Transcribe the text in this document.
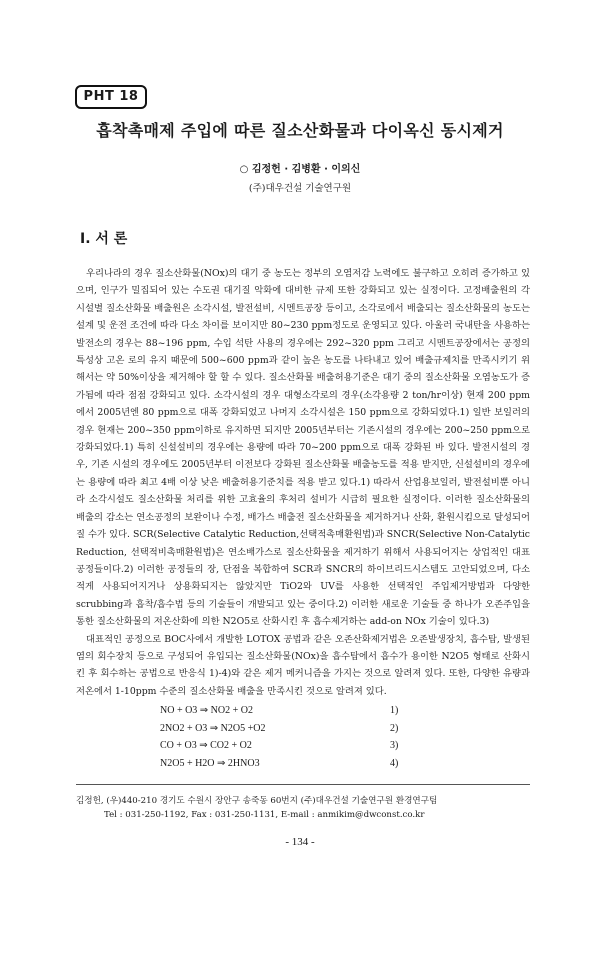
PHT 18
흡착촉매제 주입에 따른 질소산화물과 다이옥신 동시제거
○ 김정헌 · 김병환 · 이의신
(주)대우건설 기술연구원
I. 서 론

우리나라의 경우 질소산화물(NOx)의 대기 중 농도는 정부의 오염저감 노력에도 불구하고 오히려 증가하고 있으며, 인구가 밀집되어 있는 수도권 대기질 악화에 대비한 규제 또한 강화되고 있는 실정이다. 고정배출원의 각 시설별 질소산화물 배출원은 소각시설, 발전설비, 시멘트공장 등이고, 소각로에서 배출되는 질소산화물의 농도는 설계 및 운전 조건에 따라 다소 차이를 보이지만 80~230 ppm정도로 운영되고 있다. 아울러 국내탄을 사용하는 발전소의 경우는 88~196 ppm, 수입 석탄 사용의 경우에는 292~320 ppm 그리고 시멘트공장에서는 공정의 특성상 고온 로의 유지 때문에 500~600 ppm과 같이 높은 농도를 나타내고 있어 배출규제치를 만족시키기 위해서는 약 50%이상을 제거해야 할 할 수 있다. 질소산화물 배출허용기준은 대기 중의 질소산화물 오염농도가 증가됨에 따라 점점 강화되고 있다. 소각시설의 경우 대형소각로의 경우(소각용량 2 ton/hr이상) 현재 200 ppm에서 2005년엔 80 ppm으로 대폭 강화되었고 나머지 소각시설은 150 ppm으로 강화되었다.1) 일반 보일러의 경우 현재는 200~350 ppm이하로 유지하면 되지만 2005년부터는 기존시설의 경우에는 200~250 ppm으로 강화되었다.1) 특히 신설설비의 경우에는 용량에 따라 70~200 ppm으로 대폭 강화된 바 있다. 발전시설의 경우, 기존 시설의 경우에도 2005년부터 이전보다 강화된 질소산화물 배출농도를 적용 받지만, 신설설비의 경우에는 용량에 따라 최고 4배 이상 낮은 배출허용기준치를 적용 받고 있다.1) 따라서 산업용보일러, 발전설비뿐 아니라 소각시설도 질소산화물 처리를 위한 고효율의 후처리 설비가 시급히 필요한 실정이다. 이러한 질소산화물의 배출의 감소는 연소공정의 보완이나 수정, 배가스 배출전 질소산화물을 제거하거나 산화, 환원시킴으로 달성되어 질 수가 있다. SCR(Selective Catalytic Reduction,선택적촉매환원법)과 SNCR(Selective Non-Catalytic Reduction, 선택적비촉매환원법)은 연소배가스로 질소산화물을 제거하기 위해서 사용되어지는 상업적인 대표공정들이다.2) 이러한 공정들의 장, 단점을 복합하여 SCR과 SNCR의 하이브리드시스템도 고안되었으며, 다소 적게 사용되어지거나 상용화되지는 않았지만 TiO2와 UV를 사용한 선택적인 주입제거방법과 다양한 scrubbing과 흡착/흡수법 등의 기술들이 개발되고 있는 중이다.2) 이러한 새로운 기술들 중 하나가 오존주입을 통한 질소산화물의 저온산화에 의한 N2O5로 산화시킨 후 흡수제거하는 add-on NOx 기술이 있다.3)

대표적인 공정으로 BOC사에서 개발한 LOTOX 공법과 같은 오존산화제거법은 오존발생장치, 흡수탑, 발생된 염의 회수장치 등으로 구성되어 유입되는 질소산화물(NOx)을 흡수탑에서 흡수가 용이한 N2O5 형태로 산화시킨 후 회수하는 공법으로 반응식 1)-4)와 같은 제거 메커니즘을 가지는 것으로 알려져 있다. 또한, 다양한 유량과 저온에서 1-10ppm 수준의 질소산화물 배출을 만족시킨 것으로 알려져 있다.

NO + O3 ⇒ NO2 + O2	1)
2NO2 + O3 ⇒ N2O5 +O2	2)
CO + O3 ⇒ CO2 + O2	3)
N2O5 + H2O ⇒ 2HNO3	4)
김정헌, (우)440-210 경기도 수원시 장안구 송죽동 60번지 (주)대우건설 기술연구원 환경연구팀
Tel : 031-250-1192, Fax : 031-250-1131, E-mail : anmikim@dwconst.co.kr
- 134 -
